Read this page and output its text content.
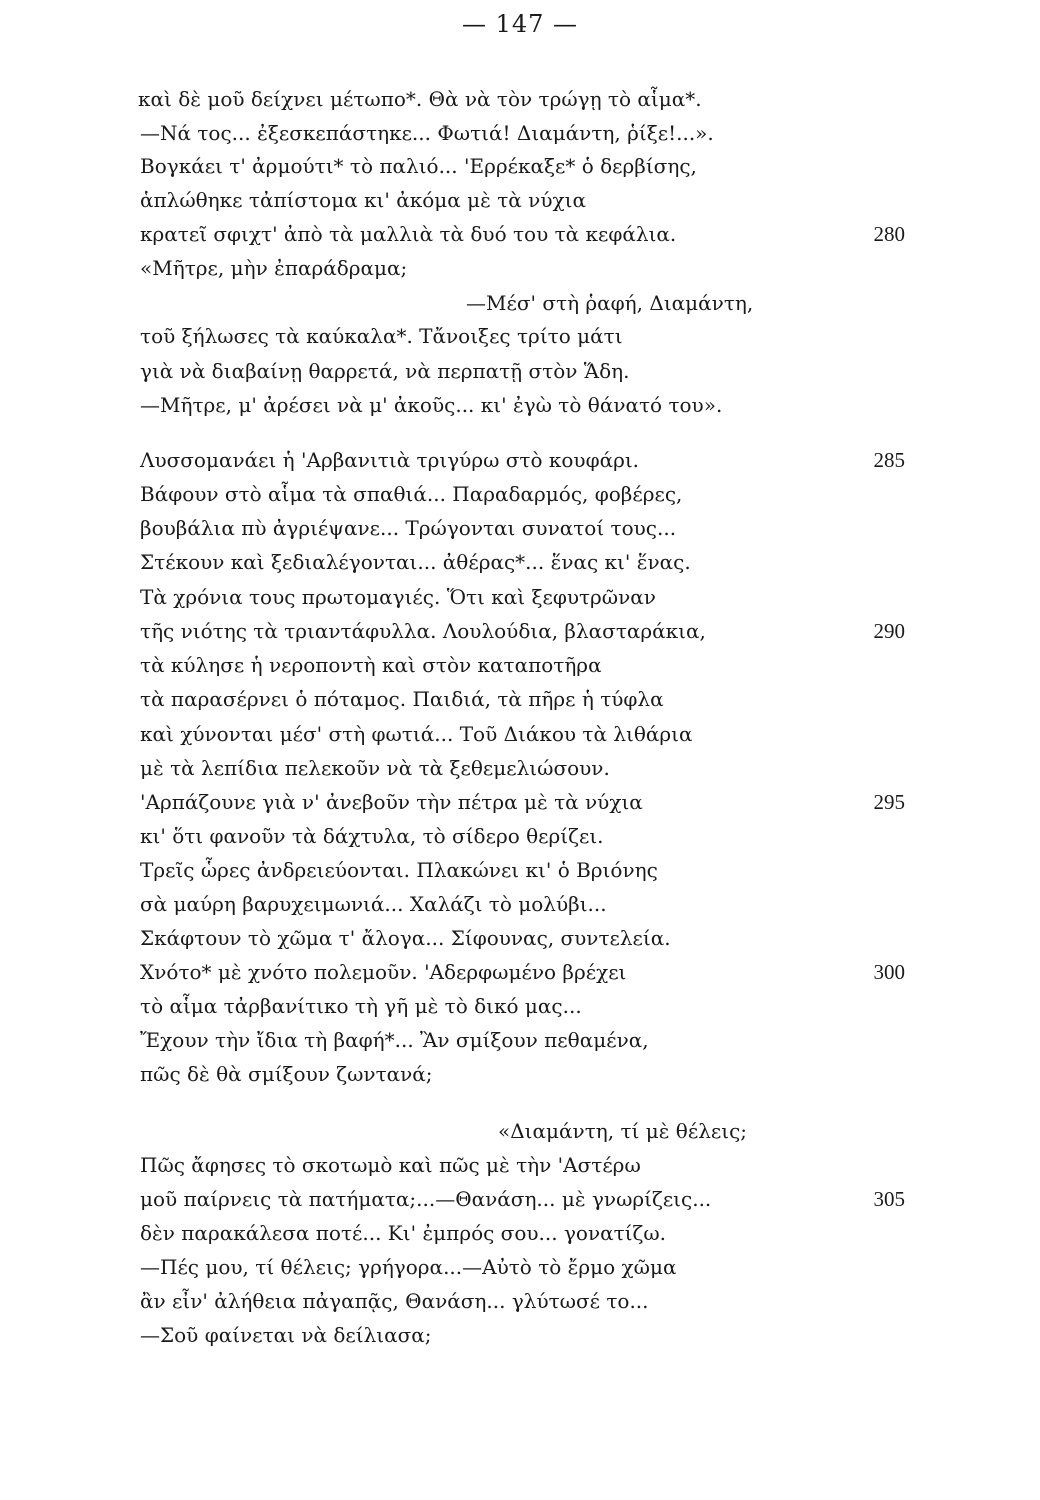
— 147 —
καὶ δὲ μοῦ δείχνει μέτωπο*. Θὰ νὰ τὸν τρώγῃ τὸ αἷμα*.
—Νά τος... ἐξεσκεπάστηκε... Φωτιά! Διαμάντη, ῥίξε!...».
Βογκάει τ' ἀρμούτι* τὸ παλιό... 'Ερρέκαξε* ὁ δερβίσης,
ἁπλώθηκε τἀπίστομα κι' ἀκόμα μὲ τὰ νύχια
κρατεῖ σφιχτ' ἀπὸ τὰ μαλλιὰ τὰ δυό του τὰ κεφάλια.	280
«Μῆτρε, μὴν ἐπαράδραμα;
—Μέσ' στὴ ῥαφή, Διαμάντη,
τοῦ ξήλωσες τὰ καύκαλα*. Τἄνοιξες τρίτο μάτι
γιὰ νὰ διαβαίνῃ θαρρετά, νὰ περπατῇ στὸν Ἅδη.
—Μῆτρε, μ' ἀρέσει νὰ μ' ἀκοῦς... κι' ἐγὼ τὸ θάνατό του».
Λυσσομανάει ἡ 'Αρβανιτιὰ τριγύρω στὸ κουφάρι.	285
Βάφουν στὸ αἷμα τὰ σπαθιά... Παραδαρμός, φοβέρες,
βουβάλια πὺ ἀγριέψανε... Τρώγονται συνατοί τους...
Στέκουν καὶ ξεδιαλέγονται... ἀθέρας*... ἕνας κι' ἕνας.
Τὰ χρόνια τους πρωτομαγιές. Ὅτι καὶ ξεφυτρῶναν
τῆς νιότης τὰ τριαντάφυλλα. Λουλούδια, βλασταράκια,	290
τὰ κύλησε ἡ νεροποντὴ καὶ στὸν καταποτῆρα
τὰ παρασέρνει ὁ πόταμος. Παιδιά, τὰ πῆρε ἡ τύφλα
καὶ χύνονται μέσ' στὴ φωτιά... Τοῦ Διάκου τὰ λιθάρια
μὲ τὰ λεπίδια πελεκοῦν νὰ τὰ ξεθεμελιώσουν.
'Αρπάζουνε γιὰ ν' ἀνεβοῦν τὴν πέτρα μὲ τὰ νύχια	295
κι' ὅτι φανοῦν τὰ δάχτυλα, τὸ σίδερο θερίζει.
Τρεῖς ὧρες ἀνδρειεύονται. Πλακώνει κι' ὁ Βριόνης
σὰ μαύρη βαρυχειμωνιά... Χαλάζι τὸ μολύβι...
Σκάφτουν τὸ χῶμα τ' ἄλογα... Σίφουνας, συντελεία.
Χνότο* μὲ χνότο πολεμοῦν. 'Αδερφωμένο βρέχει	300
τὸ αἷμα τἀρβανίτικο τὴ γῆ μὲ τὸ δικό μας...
Ἔχουν τὴν ἴδια τὴ βαφή*... Ἂν σμίξουν πεθαμένα,
πῶς δὲ θὰ σμίξουν ζωντανά;
«Διαμάντη, τί μὲ θέλεις;
Πῶς ἄφησες τὸ σκοτωμὸ καὶ πῶς μὲ τὴν 'Αστέρω
μοῦ παίρνεις τὰ πατήματα;...—Θανάση... μὲ γνωρίζεις...	305
δὲν παρακάλεσα ποτέ... Κι' ἐμπρός σου... γονατίζω.
—Πές μου, τί θέλεις; γρήγορα...—Αὐτὸ τὸ ἔρμο χῶμα
ἂν εἶν' ἀλήθεια πἀγαπᾷς, Θανάση... γλύτωσέ το...
—Σοῦ φαίνεται νὰ δείλιασα;
